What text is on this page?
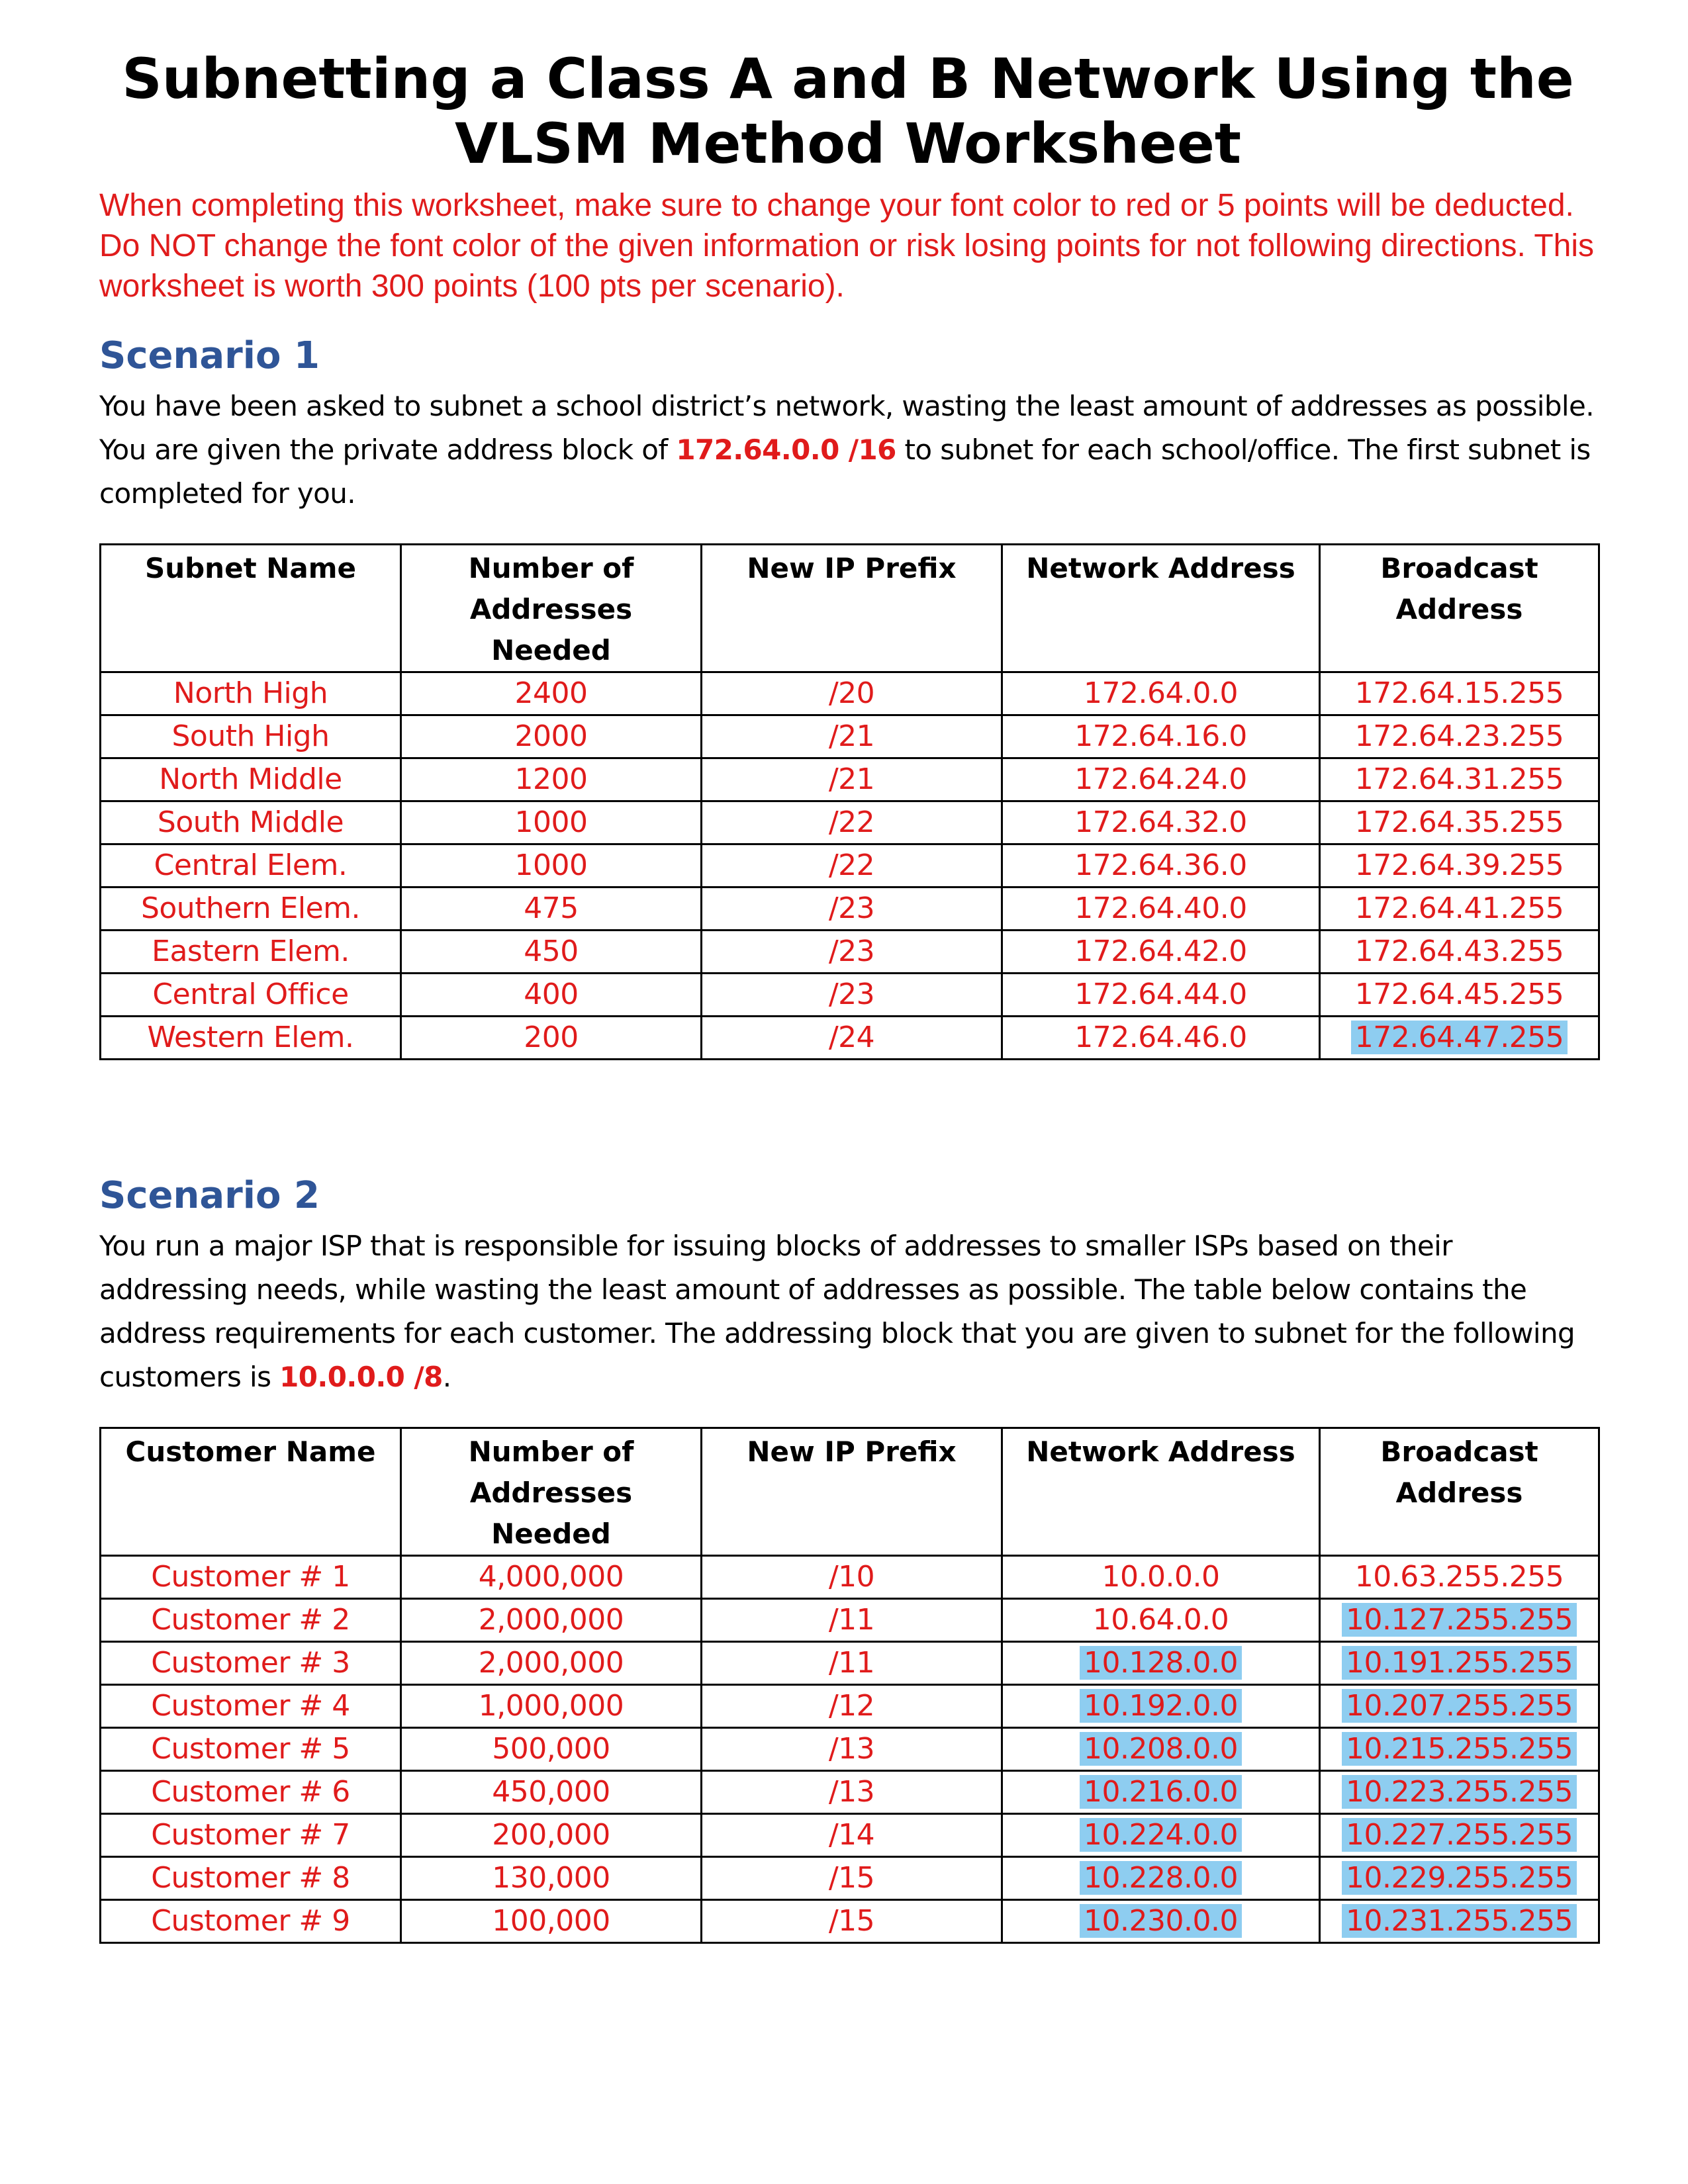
Subnetting a Class A and B Network Using the VLSM Method Worksheet

When completing this worksheet, make sure to change your font color to red or 5 points will be deducted. Do NOT change the font color of the given information or risk losing points for not following directions. This worksheet is worth 300 points (100 pts per scenario).

Scenario 1

You have been asked to subnet a school district’s network, wasting the least amount of addresses as possible. You are given the private address block of 172.64.0.0 /16 to subnet for each school/office. The first subnet is completed for you.

Subnet Name	Number of Addresses Needed	New IP Prefix	Network Address	Broadcast Address
North High	2400	/20	172.64.0.0	172.64.15.255
South High	2000	/21	172.64.16.0	172.64.23.255
North Middle	1200	/21	172.64.24.0	172.64.31.255
South Middle	1000	/22	172.64.32.0	172.64.35.255
Central Elem.	1000	/22	172.64.36.0	172.64.39.255
Southern Elem.	475	/23	172.64.40.0	172.64.41.255
Eastern Elem.	450	/23	172.64.42.0	172.64.43.255
Central Office	400	/23	172.64.44.0	172.64.45.255
Western Elem.	200	/24	172.64.46.0	172.64.47.255
Scenario 2

You run a major ISP that is responsible for issuing blocks of addresses to smaller ISPs based on their addressing needs, while wasting the least amount of addresses as possible. The table below contains the address requirements for each customer. The addressing block that you are given to subnet for the following customers is 10.0.0.0 /8.

Customer Name	Number of Addresses Needed	New IP Prefix	Network Address	Broadcast Address
Customer # 1	4,000,000	/10	10.0.0.0	10.63.255.255
Customer # 2	2,000,000	/11	10.64.0.0	10.127.255.255
Customer # 3	2,000,000	/11	10.128.0.0	10.191.255.255
Customer # 4	1,000,000	/12	10.192.0.0	10.207.255.255
Customer # 5	500,000	/13	10.208.0.0	10.215.255.255
Customer # 6	450,000	/13	10.216.0.0	10.223.255.255
Customer # 7	200,000	/14	10.224.0.0	10.227.255.255
Customer # 8	130,000	/15	10.228.0.0	10.229.255.255
Customer # 9	100,000	/15	10.230.0.0	10.231.255.255
